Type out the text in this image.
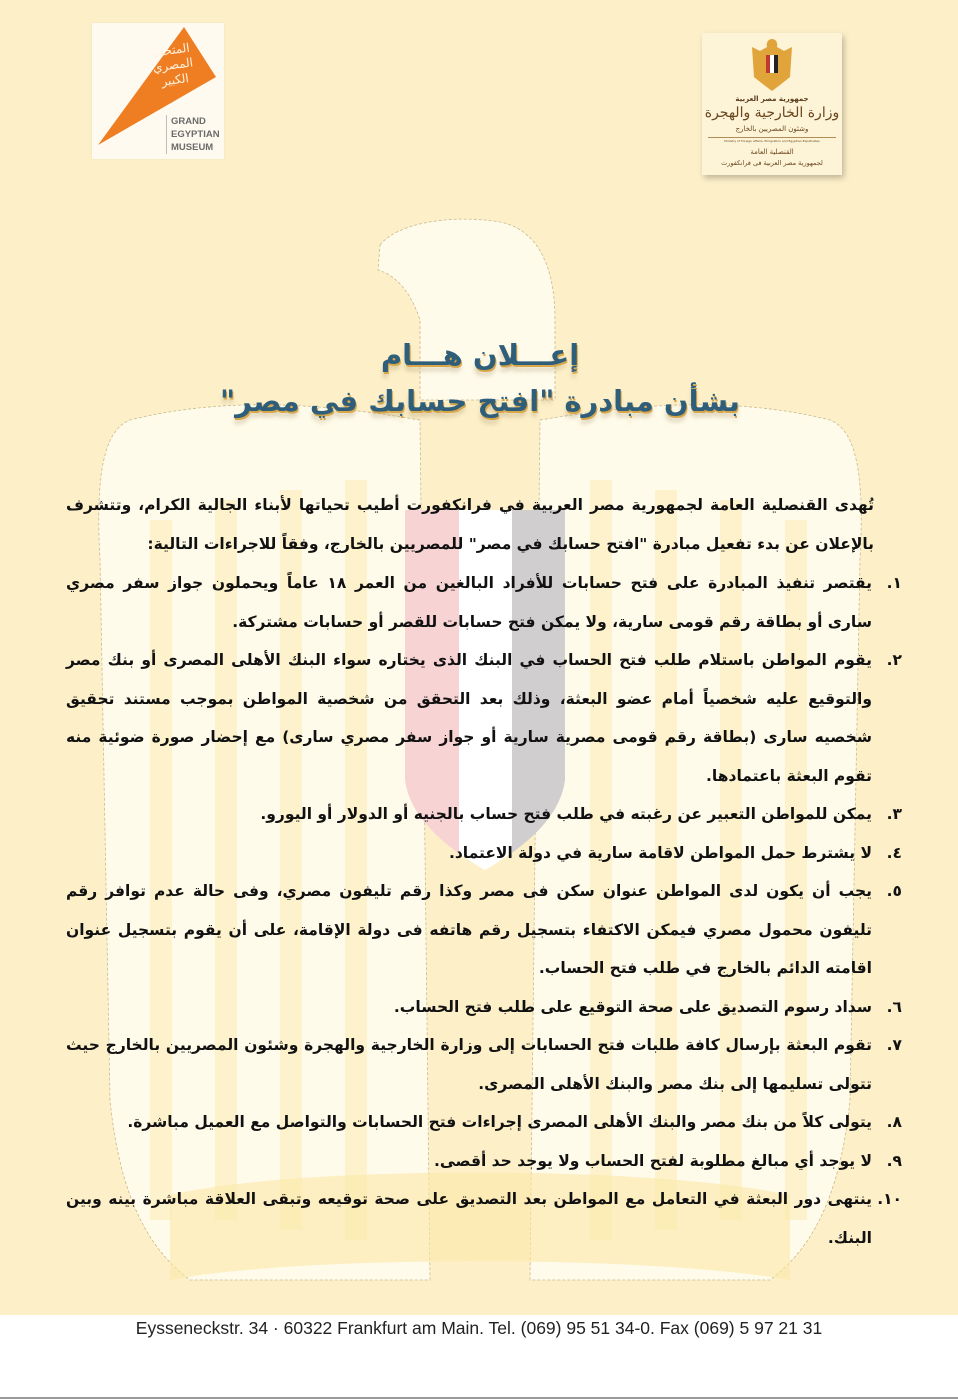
المتحف
المصري
الكبير
GRAND
EGYPTIAN
MUSEUM
جمهورية مصر العربية
وزارة الخارجية والهجرة
وشئون المصريين بالخارج
Ministry of Foreign Affairs, Emigration and Egyptian Expatriates
القنصلية العامة
لجمهورية مصر العربية فى فرانكفورت
إعـــلان هـــام
بشأن مبادرة "افتح حسابك في مصر"
تُهدى القنصلية العامة لجمهورية مصر العربية في فرانكفورت أطيب تحياتها لأبناء الجالية الكرام، وتتشرف بالإعلان عن بدء تفعيل مبادرة "افتح حسابك في مصر" للمصريين بالخارج، وفقاً للاجراءات التالية:
١.
يقتصر تنفيذ المبادرة على فتح حسابات للأفراد البالغين من العمر ١٨ عاماً ويحملون جواز سفر مصري سارى أو بطاقة رقم قومى سارية، ولا يمكن فتح حسابات للقصر أو حسابات مشتركة.
٢.
يقوم المواطن باستلام طلب فتح الحساب في البنك الذى يختاره سواء البنك الأهلى المصرى أو بنك مصر والتوقيع عليه شخصياً أمام عضو البعثة، وذلك بعد التحقق من شخصية المواطن بموجب مستند تحقيق شخصيه سارى (بطاقة رقم قومى مصرية سارية أو جواز سفر مصري سارى) مع إحضار صورة ضوئية منه تقوم البعثة باعتمادها.
٣.
يمكن للمواطن التعبير عن رغبته في طلب فتح حساب بالجنيه أو الدولار أو اليورو.
٤.
لا يشترط حمل المواطن لاقامة سارية في دولة الاعتماد.
٥.
يجب أن يكون لدى المواطن عنوان سكن فى مصر وكذا رقم تليفون مصري، وفى حالة عدم توافر رقم تليفون محمول مصري فيمكن الاكتفاء بتسجيل رقم هاتفه فى دولة الإقامة، على أن يقوم بتسجيل عنوان اقامته الدائم بالخارج في طلب فتح الحساب.
٦.
سداد رسوم التصديق على صحة التوقيع على طلب فتح الحساب.
٧.
تقوم البعثة بإرسال كافة طلبات فتح الحسابات إلى وزارة الخارجية والهجرة وشئون المصريين بالخارج حيث تتولى تسليمها إلى بنك مصر والبنك الأهلى المصرى.
٨.
يتولى كلاً من بنك مصر والبنك الأهلى المصرى إجراءات فتح الحسابات والتواصل مع العميل مباشرة.
٩.
لا يوجد أي مبالغ مطلوبة لفتح الحساب ولا يوجد حد أقصى.
١٠.
ينتهى دور البعثة في التعامل مع المواطن بعد التصديق على صحة توقيعه وتبقى العلاقة مباشرة بينه وبين البنك.
Eysseneckstr. 34 · 60322 Frankfurt am Main. Tel. (069) 95 51 34-0. Fax (069) 5 97 21 31
